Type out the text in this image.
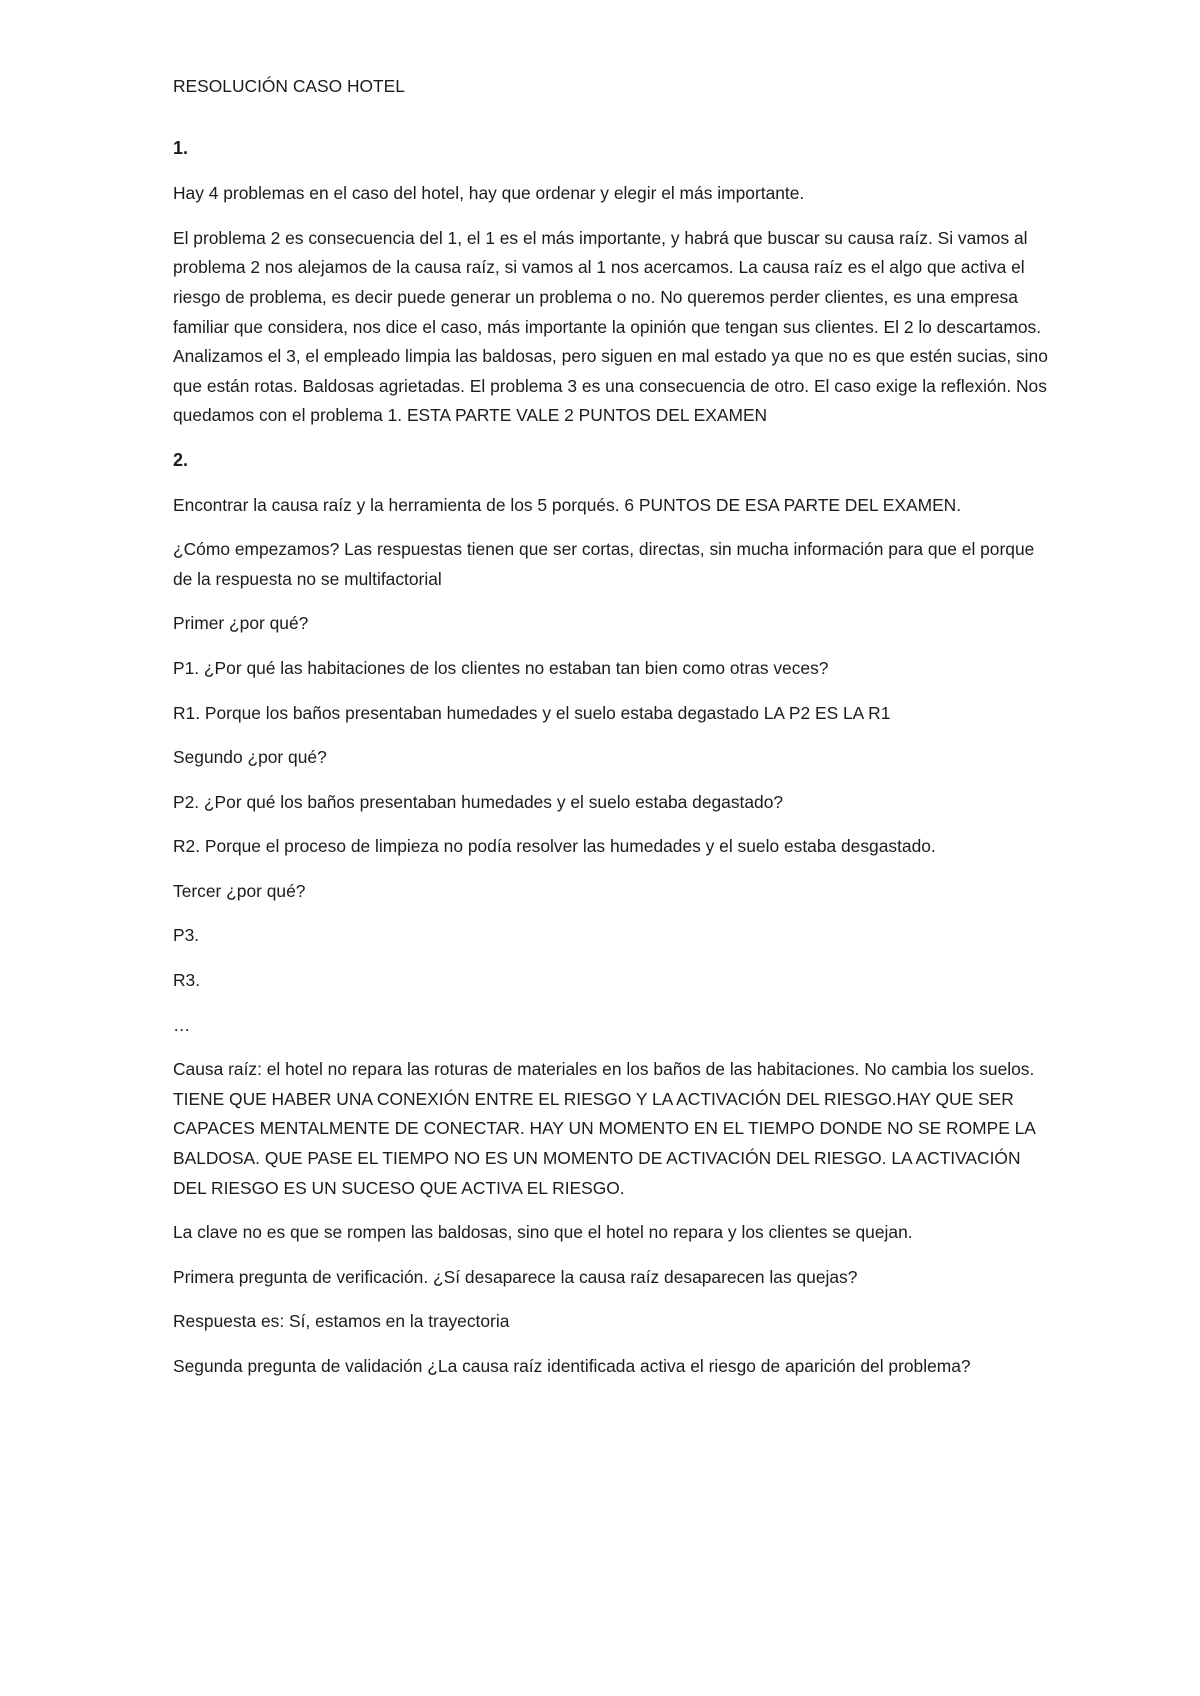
RESOLUCIÓN CASO HOTEL

1.

Hay 4 problemas en el caso del hotel, hay que ordenar y elegir el más importante.

El problema 2 es consecuencia del 1, el 1 es el más importante, y habrá que buscar su causa raíz. Si vamos al problema 2 nos alejamos de la causa raíz, si vamos al 1 nos acercamos. La causa raíz es el algo que activa el riesgo de problema, es decir puede generar un problema o no. No queremos perder clientes, es una empresa familiar que considera, nos dice el caso, más importante la opinión que tengan sus clientes. El 2 lo descartamos. Analizamos el 3, el empleado limpia las baldosas, pero siguen en mal estado ya que no es que estén sucias, sino que están rotas. Baldosas agrietadas. El problema 3 es una consecuencia de otro. El caso exige la reflexión. Nos quedamos con el problema 1. ESTA PARTE VALE 2 PUNTOS DEL EXAMEN

2.

Encontrar la causa raíz y la herramienta de los 5 porqués. 6 PUNTOS DE ESA PARTE DEL EXAMEN.

¿Cómo empezamos? Las respuestas tienen que ser cortas, directas, sin mucha información para que el porque de la respuesta no se multifactorial

Primer ¿por qué?

P1. ¿Por qué las habitaciones de los clientes no estaban tan bien como otras veces?

R1. Porque los baños presentaban humedades y el suelo estaba degastado LA P2 ES LA R1

Segundo ¿por qué?

P2. ¿Por qué los baños presentaban humedades y el suelo estaba degastado?

R2. Porque el proceso de limpieza no podía resolver las humedades y el suelo estaba desgastado.

Tercer ¿por qué?

P3.

R3.

…

Causa raíz: el hotel no repara las roturas de materiales en los baños de las habitaciones. No cambia los suelos. TIENE QUE HABER UNA CONEXIÓN ENTRE EL RIESGO Y LA ACTIVACIÓN DEL RIESGO.HAY QUE SER CAPACES MENTALMENTE DE CONECTAR. HAY UN MOMENTO EN EL TIEMPO DONDE NO SE ROMPE LA BALDOSA. QUE PASE EL TIEMPO NO ES UN MOMENTO DE ACTIVACIÓN DEL RIESGO. LA ACTIVACIÓN DEL RIESGO ES UN SUCESO QUE ACTIVA EL RIESGO.

La clave no es que se rompen las baldosas, sino que el hotel no repara y los clientes se quejan.

Primera pregunta de verificación. ¿Sí desaparece la causa raíz desaparecen las quejas?

Respuesta es: Sí, estamos en la trayectoria

Segunda pregunta de validación ¿La causa raíz identificada activa el riesgo de aparición del problema?
